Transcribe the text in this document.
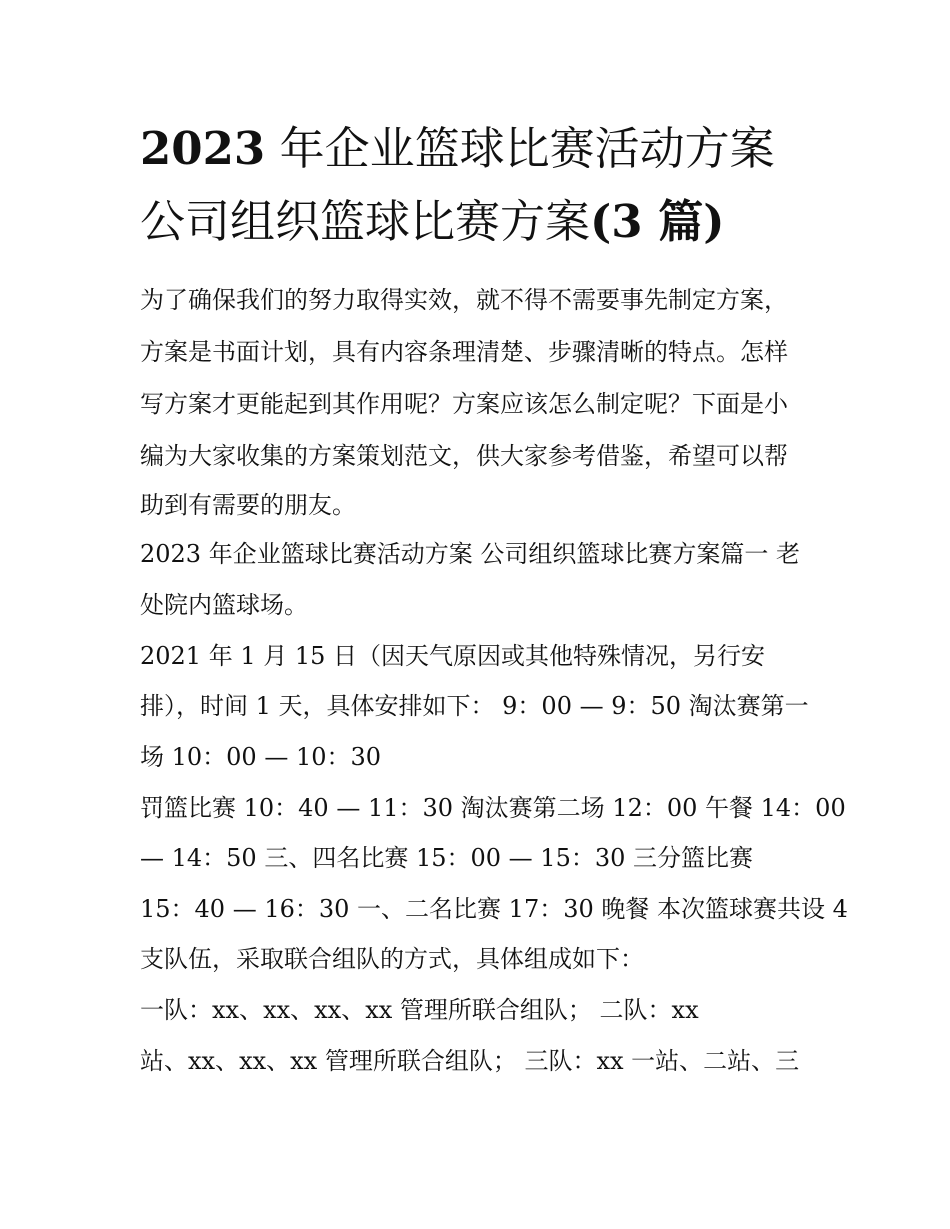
2023 年企业篮球比赛活动方案
公司组织篮球比赛方案(3 篇)
为了确保我们的努力取得实效，就不得不需要事先制定方案，
方案是书面计划，具有内容条理清楚、步骤清晰的特点。怎样
写方案才更能起到其作用呢？方案应该怎么制定呢？下面是小
编为大家收集的方案策划范文，供大家参考借鉴，希望可以帮
助到有需要的朋友。
2023 年企业篮球比赛活动方案 公司组织篮球比赛方案篇一 老
处院内篮球场。
2021 年 1 月 15 日（因天气原因或其他特殊情况，另行安
排），时间 1 天，具体安排如下： 9：00 — 9：50 淘汰赛第一
场 10：00 — 10：30
罚篮比赛 10：40 — 11：30 淘汰赛第二场 12：00 午餐 14：00
— 14：50 三、四名比赛 15：00 — 15：30 三分篮比赛
15：40 — 16：30 一、二名比赛 17：30 晚餐 本次篮球赛共设 4
支队伍，采取联合组队的方式，具体组成如下：
一队：xx、xx、xx、xx 管理所联合组队； 二队：xx
站、xx、xx、xx 管理所联合组队； 三队：xx 一站、二站、三
